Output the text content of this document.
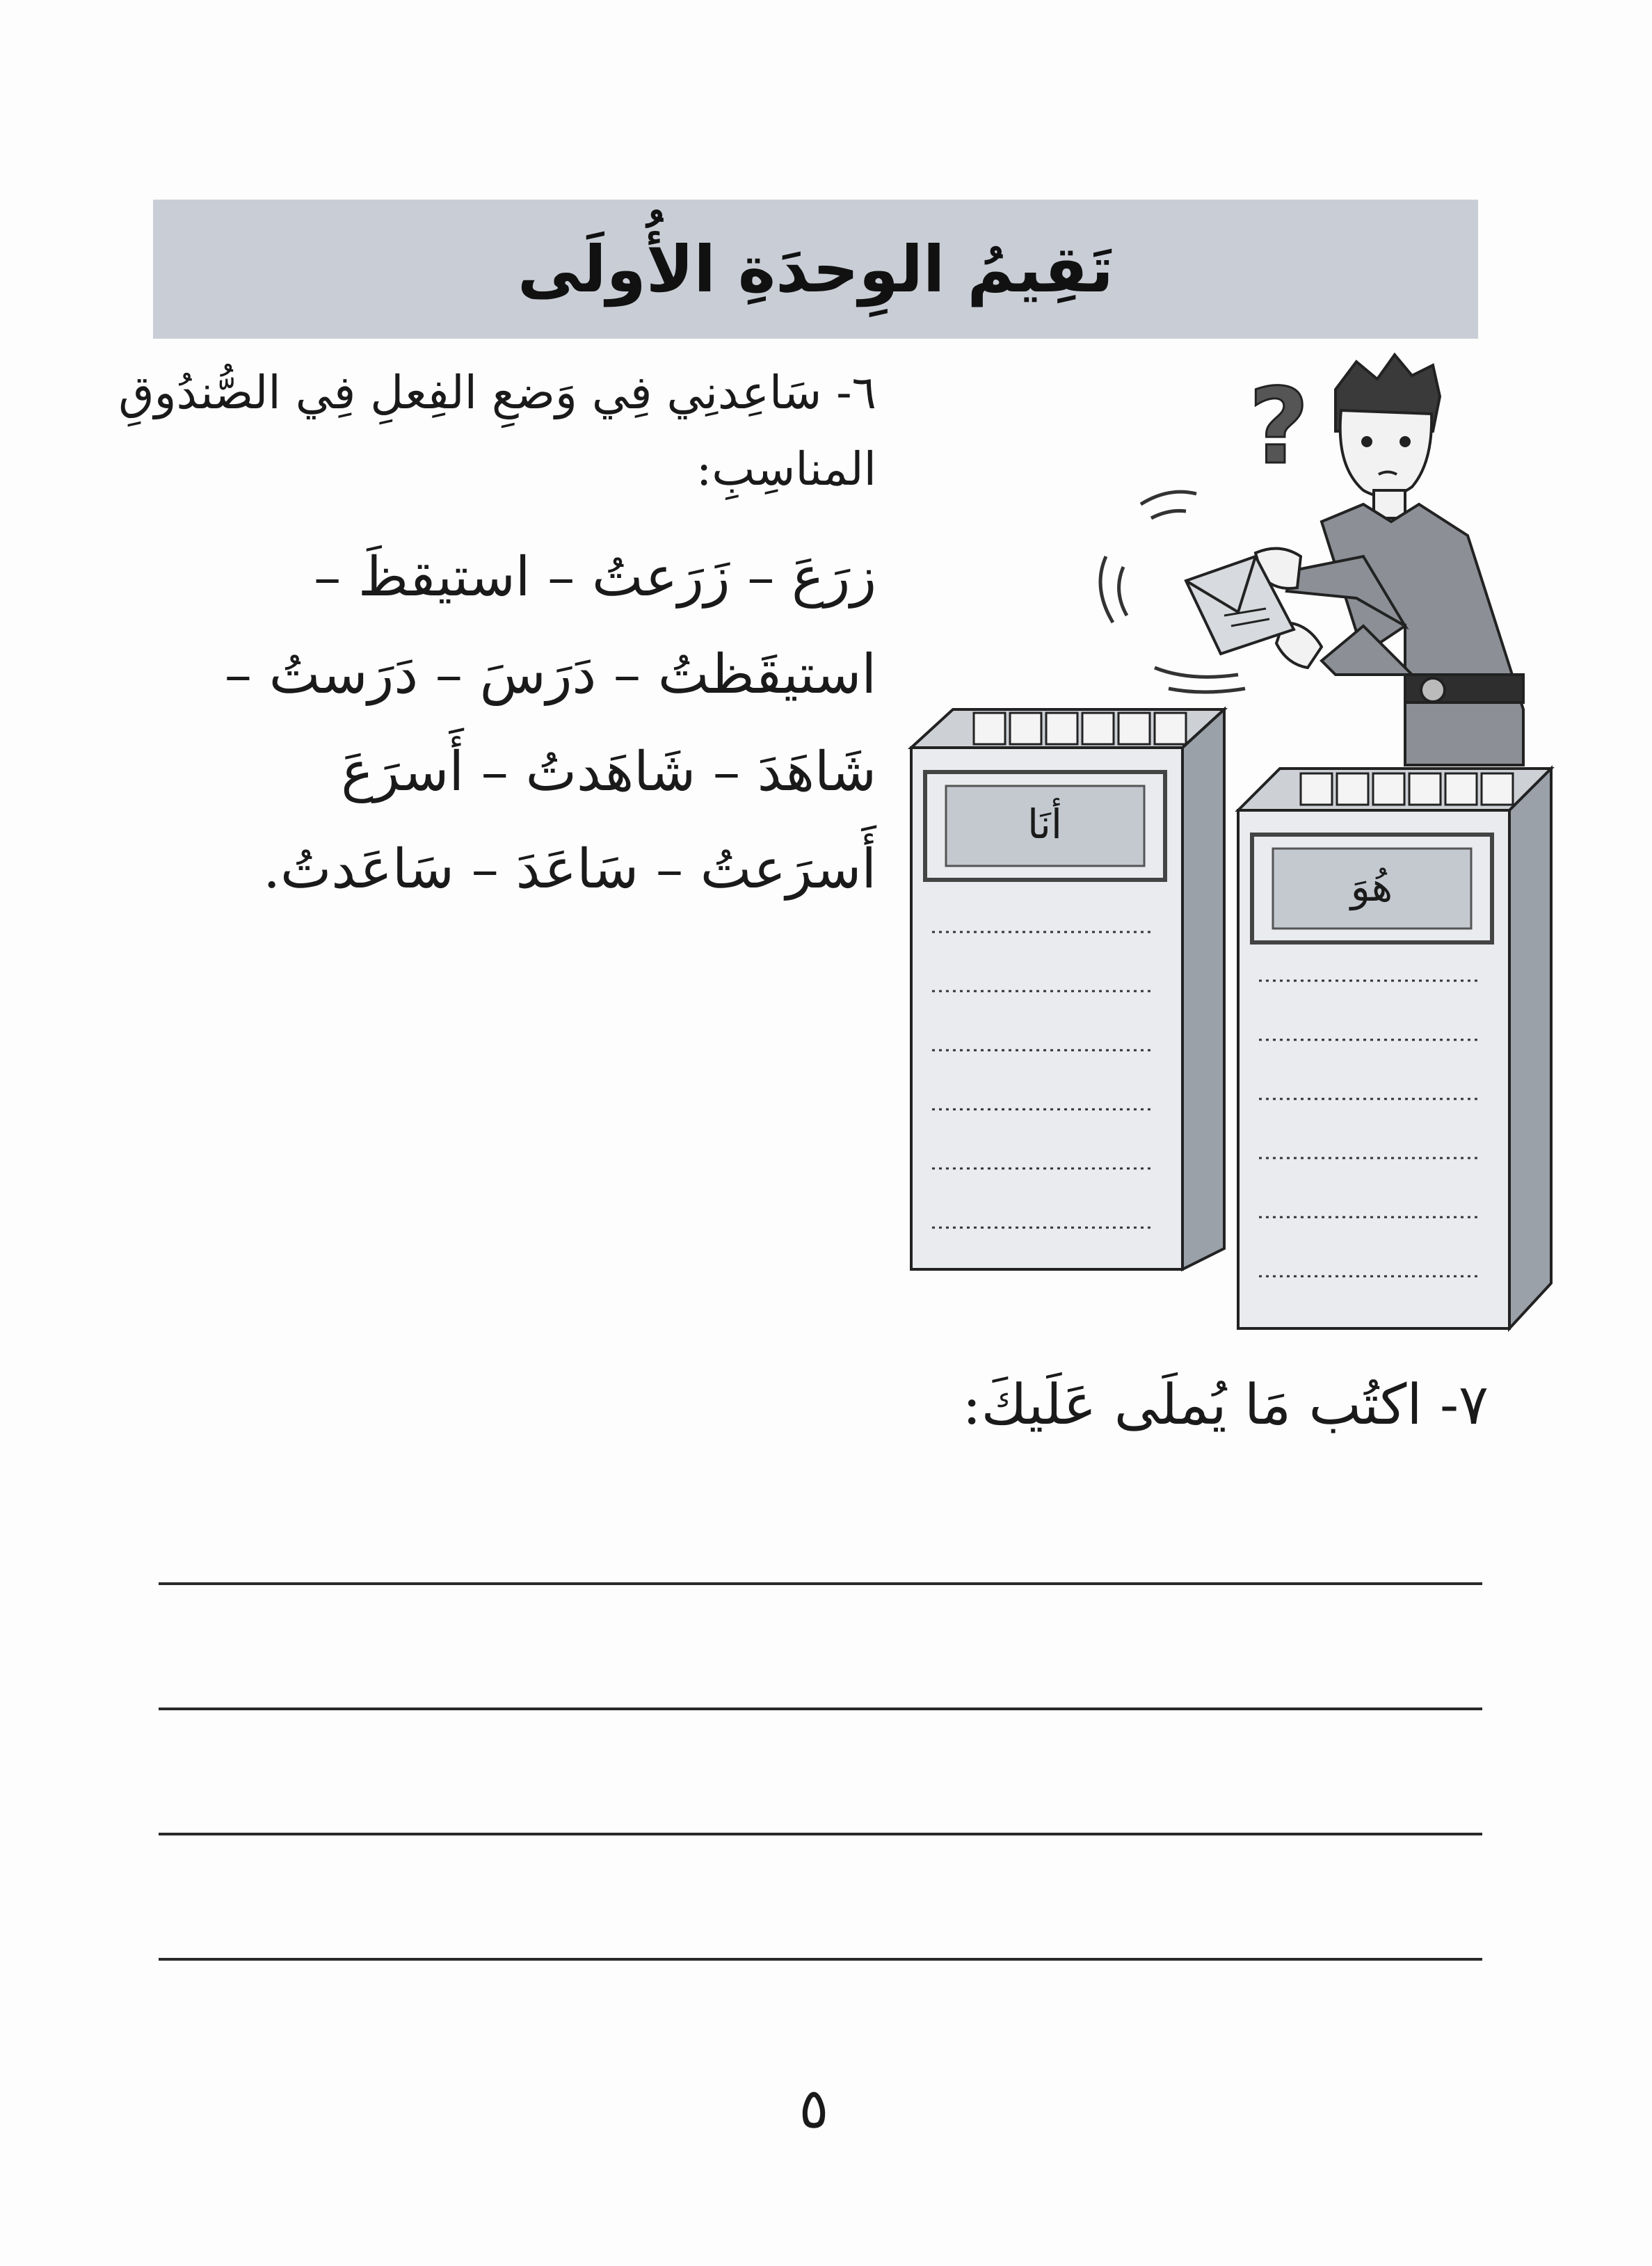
تَقِيمُ الوِحدَةِ الأُولَى

٦- سَاعِدنِي فِي وَضعِ الفِعلِ فِي الصُّندُوقِ
المناسِبِ:

زرَعَ – زَرَعتُ – استيقظَ –
استيقَظتُ – دَرَسَ – دَرَستُ –
شَاهَدَ – شَاهَدتُ – أَسرَعَ
أَسرَعتُ – سَاعَدَ – سَاعَدتُ.
?
أنَا
هُوَ
٧- اكتُب مَا يُملَى عَلَيكَ:
٥
